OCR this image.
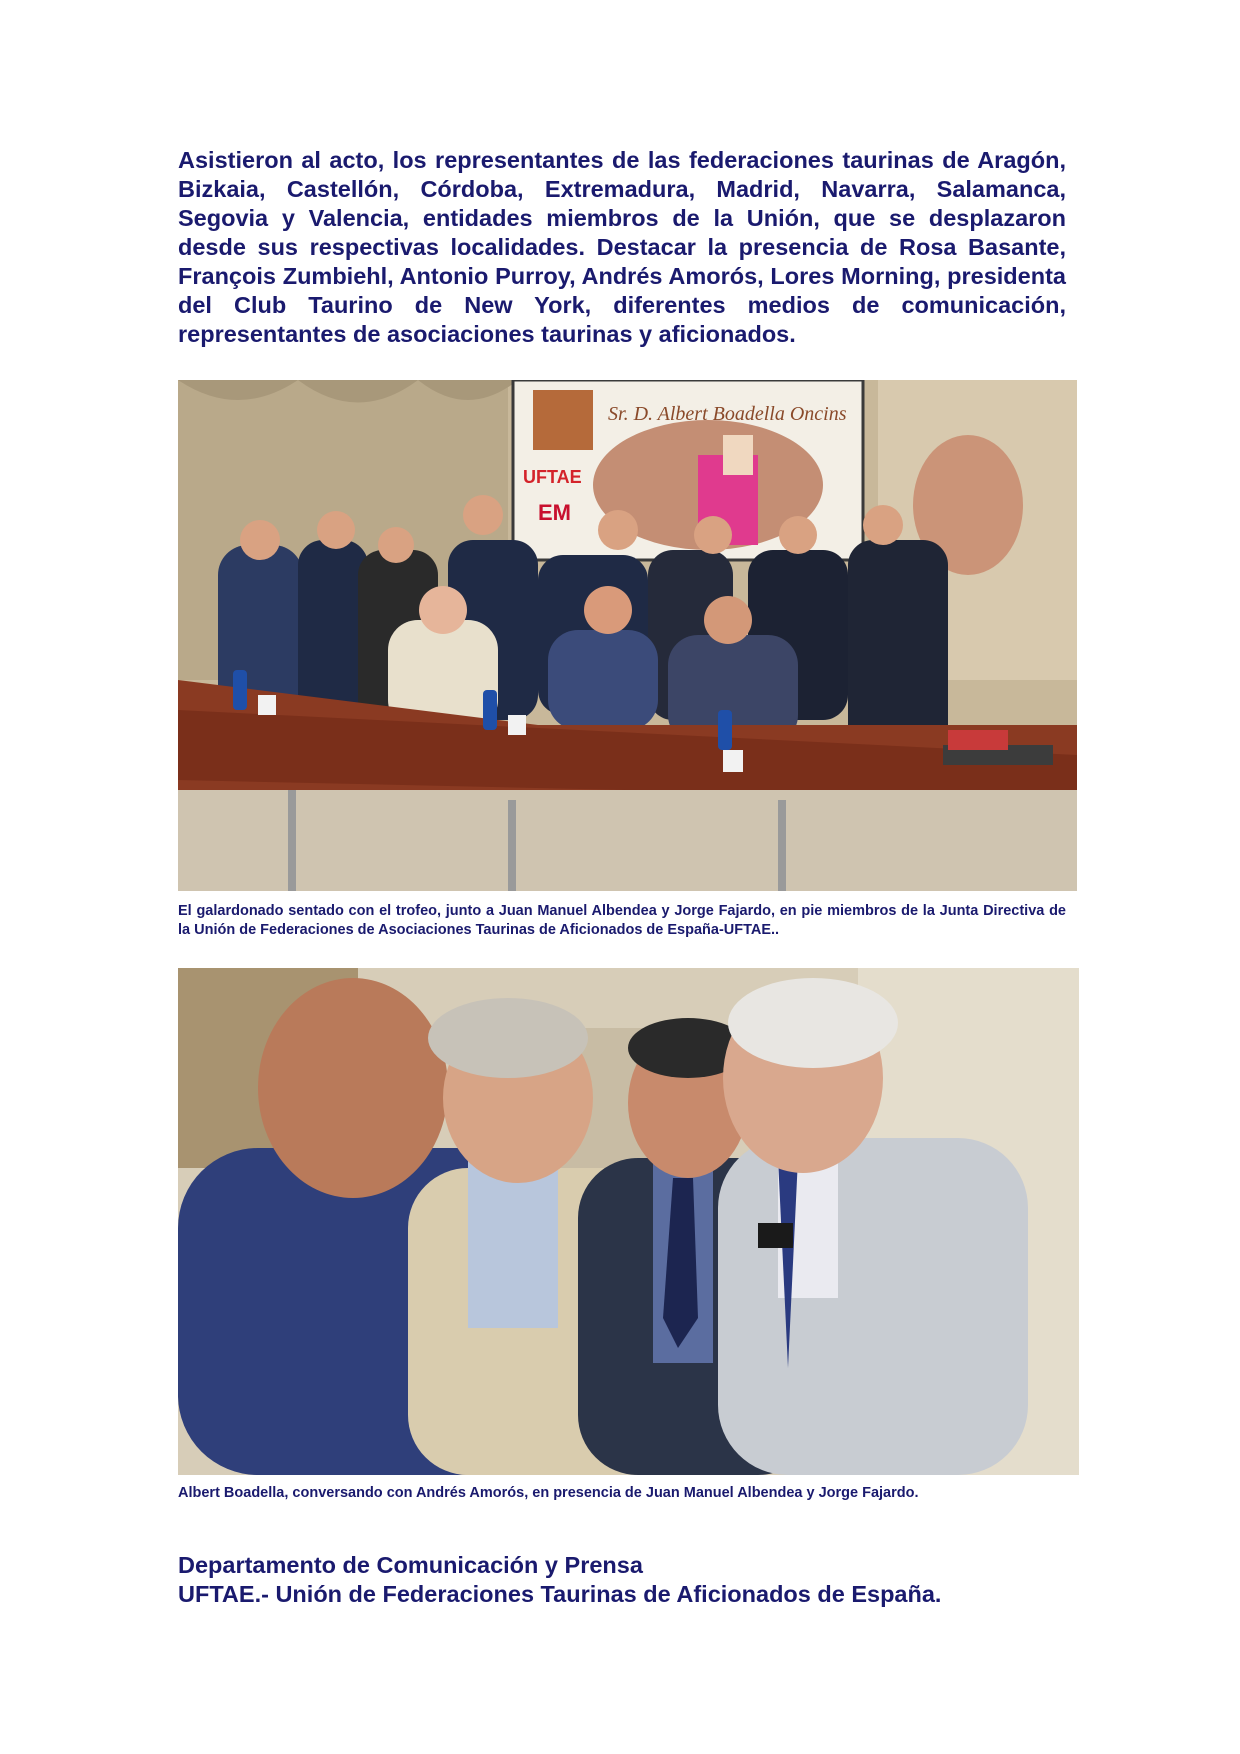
Asistieron al acto, los representantes de las federaciones taurinas de Aragón, Bizkaia, Castellón, Córdoba, Extremadura, Madrid, Navarra, Salamanca, Segovia y Valencia, entidades miembros de la Unión, que se desplazaron desde sus respectivas localidades. Destacar la presencia de Rosa Basante, François Zumbiehl, Antonio Purroy, Andrés Amorós, Lores Morning, presidenta del Club Taurino de New York, diferentes medios de comunicación, representantes de asociaciones taurinas y aficionados.

Sr. D. Albert Boadella Oncins
UFTAE
EM

El galardonado sentado con el trofeo, junto a Juan Manuel Albendea y Jorge Fajardo, en pie miembros de la Junta Directiva de la Unión de Federaciones de Asociaciones Taurinas de Aficionados de España-UFTAE..

Albert Boadella, conversando con Andrés Amorós, en presencia de Juan Manuel Albendea y Jorge Fajardo.

Departamento de Comunicación y Prensa
UFTAE.- Unión de Federaciones Taurinas de Aficionados de España.
